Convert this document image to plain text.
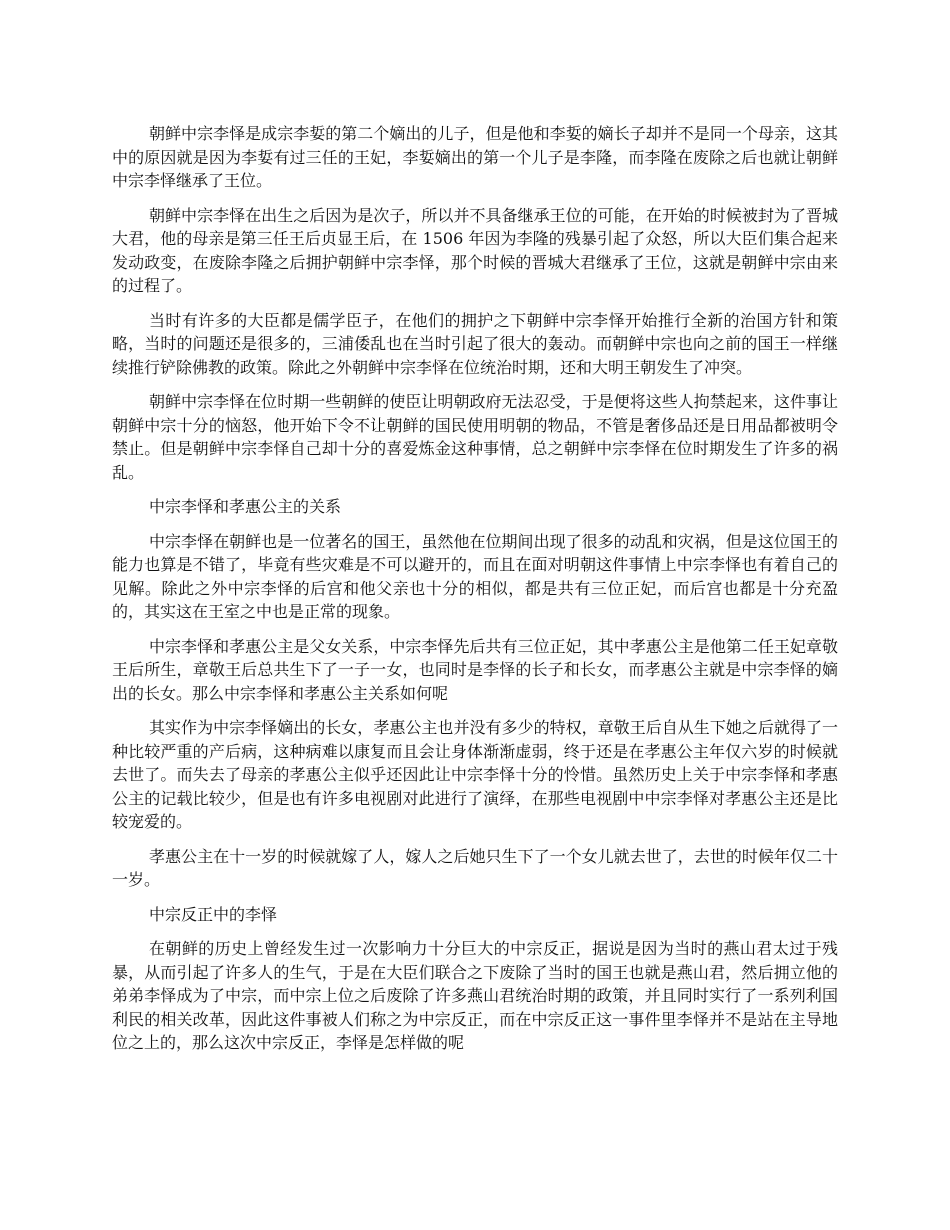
朝鲜中宗李怿是成宗李娎的第二个嫡出的儿子，但是他和李娎的嫡长子却并不是同一个母亲，这其中的原因就是因为李娎有过三任的王妃，李娎嫡出的第一个儿子是李隆，而李隆在废除之后也就让朝鲜中宗李怿继承了王位。

朝鲜中宗李怿在出生之后因为是次子，所以并不具备继承王位的可能，在开始的时候被封为了晋城大君，他的母亲是第三任王后贞显王后，在 1506 年因为李隆的残暴引起了众怒，所以大臣们集合起来发动政变，在废除李隆之后拥护朝鲜中宗李怿，那个时候的晋城大君继承了王位，这就是朝鲜中宗由来的过程了。

当时有许多的大臣都是儒学臣子，在他们的拥护之下朝鲜中宗李怿开始推行全新的治国方针和策略，当时的问题还是很多的，三浦倭乱也在当时引起了很大的轰动。而朝鲜中宗也向之前的国王一样继续推行铲除佛教的政策。除此之外朝鲜中宗李怿在位统治时期，还和大明王朝发生了冲突。

朝鲜中宗李怿在位时期一些朝鲜的使臣让明朝政府无法忍受，于是便将这些人拘禁起来，这件事让朝鲜中宗十分的恼怒，他开始下令不让朝鲜的国民使用明朝的物品，不管是奢侈品还是日用品都被明令禁止。但是朝鲜中宗李怿自己却十分的喜爱炼金这种事情，总之朝鲜中宗李怿在位时期发生了许多的祸乱。

中宗李怿和孝惠公主的关系

中宗李怿在朝鲜也是一位著名的国王，虽然他在位期间出现了很多的动乱和灾祸，但是这位国王的能力也算是不错了，毕竟有些灾难是不可以避开的，而且在面对明朝这件事情上中宗李怿也有着自己的见解。除此之外中宗李怿的后宫和他父亲也十分的相似，都是共有三位正妃，而后宫也都是十分充盈的，其实这在王室之中也是正常的现象。

中宗李怿和孝惠公主是父女关系，中宗李怿先后共有三位正妃，其中孝惠公主是他第二任王妃章敬王后所生，章敬王后总共生下了一子一女，也同时是李怿的长子和长女，而孝惠公主就是中宗李怿的嫡出的长女。那么中宗李怿和孝惠公主关系如何呢

其实作为中宗李怿嫡出的长女，孝惠公主也并没有多少的特权，章敬王后自从生下她之后就得了一种比较严重的产后病，这种病难以康复而且会让身体渐渐虚弱，终于还是在孝惠公主年仅六岁的时候就去世了。而失去了母亲的孝惠公主似乎还因此让中宗李怿十分的怜惜。虽然历史上关于中宗李怿和孝惠公主的记载比较少，但是也有许多电视剧对此进行了演绎，在那些电视剧中中宗李怿对孝惠公主还是比较宠爱的。

孝惠公主在十一岁的时候就嫁了人，嫁人之后她只生下了一个女儿就去世了，去世的时候年仅二十一岁。

中宗反正中的李怿

在朝鲜的历史上曾经发生过一次影响力十分巨大的中宗反正，据说是因为当时的燕山君太过于残暴，从而引起了许多人的生气，于是在大臣们联合之下废除了当时的国王也就是燕山君，然后拥立他的弟弟李怿成为了中宗，而中宗上位之后废除了许多燕山君统治时期的政策，并且同时实行了一系列利国利民的相关改革，因此这件事被人们称之为中宗反正，而在中宗反正这一事件里李怿并不是站在主导地位之上的，那么这次中宗反正，李怿是怎样做的呢
